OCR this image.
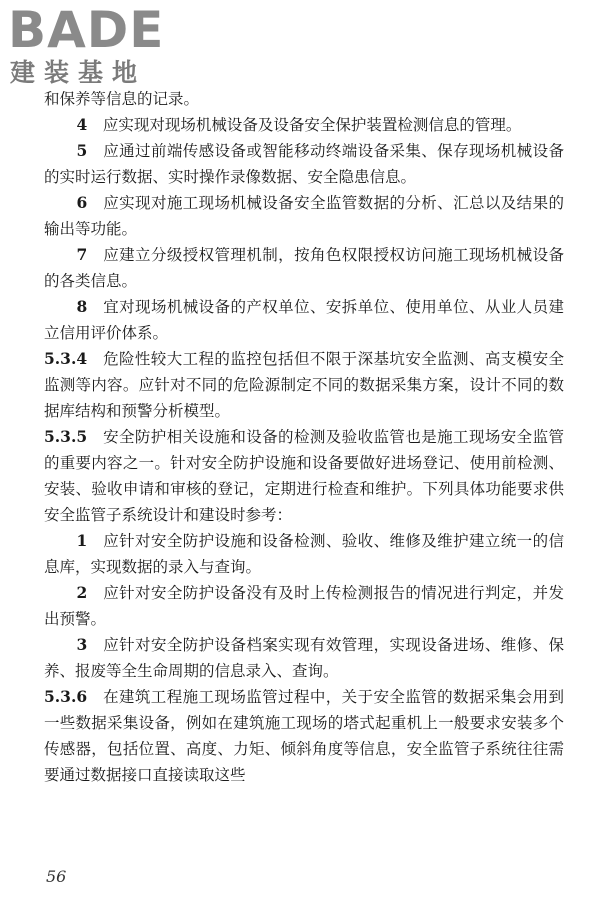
BADE
建装基地

和保养等信息的记录。

4  应实现对现场机械设备及设备安全保护装置检测信息的管理。

5  应通过前端传感设备或智能移动终端设备采集、保存现场机械设备的实时运行数据、实时操作录像数据、安全隐患信息。

6  应实现对施工现场机械设备安全监管数据的分析、汇总以及结果的输出等功能。

7  应建立分级授权管理机制，按角色权限授权访问施工现场机械设备的各类信息。

8  宜对现场机械设备的产权单位、安拆单位、使用单位、从业人员建立信用评价体系。

5.3.4  危险性较大工程的监控包括但不限于深基坑安全监测、高支模安全监测等内容。应针对不同的危险源制定不同的数据采集方案，设计不同的数据库结构和预警分析模型。

5.3.5  安全防护相关设施和设备的检测及验收监管也是施工现场安全监管的重要内容之一。针对安全防护设施和设备要做好进场登记、使用前检测、安装、验收申请和审核的登记，定期进行检查和维护。下列具体功能要求供安全监管子系统设计和建设时参考：

1  应针对安全防护设施和设备检测、验收、维修及维护建立统一的信息库，实现数据的录入与查询。

2  应针对安全防护设备没有及时上传检测报告的情况进行判定，并发出预警。

3  应针对安全防护设备档案实现有效管理，实现设备进场、维修、保养、报废等全生命周期的信息录入、查询。

5.3.6  在建筑工程施工现场监管过程中，关于安全监管的数据采集会用到一些数据采集设备，例如在建筑施工现场的塔式起重机上一般要求安装多个传感器，包括位置、高度、力矩、倾斜角度等信息，安全监管子系统往往需要通过数据接口直接读取这些

56
